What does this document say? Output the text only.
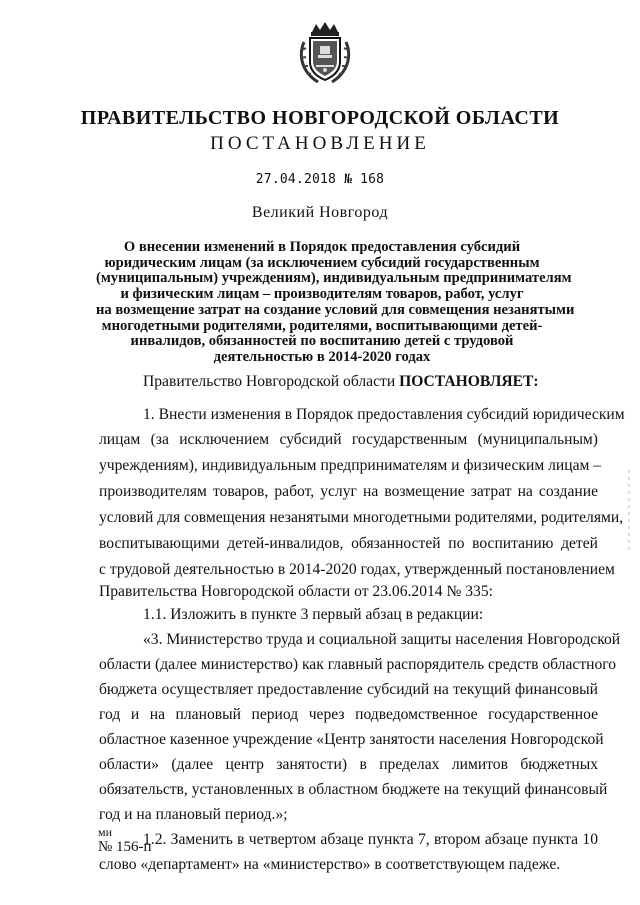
ПРАВИТЕЛЬСТВО НОВГОРОДСКОЙ ОБЛАСТИ
ПОСТАНОВЛЕНИЕ
27.04.2018 № 168
Великий Новгород
О внесении изменений в Порядок предоставления субсидий
юридическим лицам (за исключением субсидий государственным
(муниципальным) учреждениям), индивидуальным предпринимателям
и физическим лицам – производителям товаров, работ, услуг
на возмещение затрат на создание условий для совмещения незанятыми
многодетными родителями, родителями, воспитывающими детей-
инвалидов, обязанностей по воспитанию детей с трудовой
деятельностью в 2014-2020 годах
Правительство Новгородской области ПОСТАНОВЛЯЕТ:
1. Внести изменения в Порядок предоставления субсидий юридическим
лицам (за исключением субсидий государственным (муниципальным)
учреждениям), индивидуальным предпринимателям и физическим лицам –
производителям товаров, работ, услуг на возмещение затрат на создание
условий для совмещения незанятыми многодетными родителями, родителями,
воспитывающими детей-инвалидов, обязанностей по воспитанию детей
с трудовой деятельностью в 2014-2020 годах, утвержденный постановлением
Правительства Новгородской области от 23.06.2014 № 335:
1.1. Изложить в пункте 3 первый абзац в редакции:
«3. Министерство труда и социальной защиты населения Новгородской
области (далее министерство) как главный распорядитель средств областного
бюджета осуществляет предоставление субсидий на текущий финансовый
год и на плановый период через подведомственное государственное
областное казенное учреждение «Центр занятости населения Новгородской
области» (далее центр занятости) в пределах лимитов бюджетных
обязательств, установленных в областном бюджете на текущий финансовый
год и на плановый период.»;
1.2. Заменить в четвертом абзаце пункта 7, втором абзаце пункта 10
слово «департамент» на «министерство» в соответствующем падеже.
ми
№ 156-п
